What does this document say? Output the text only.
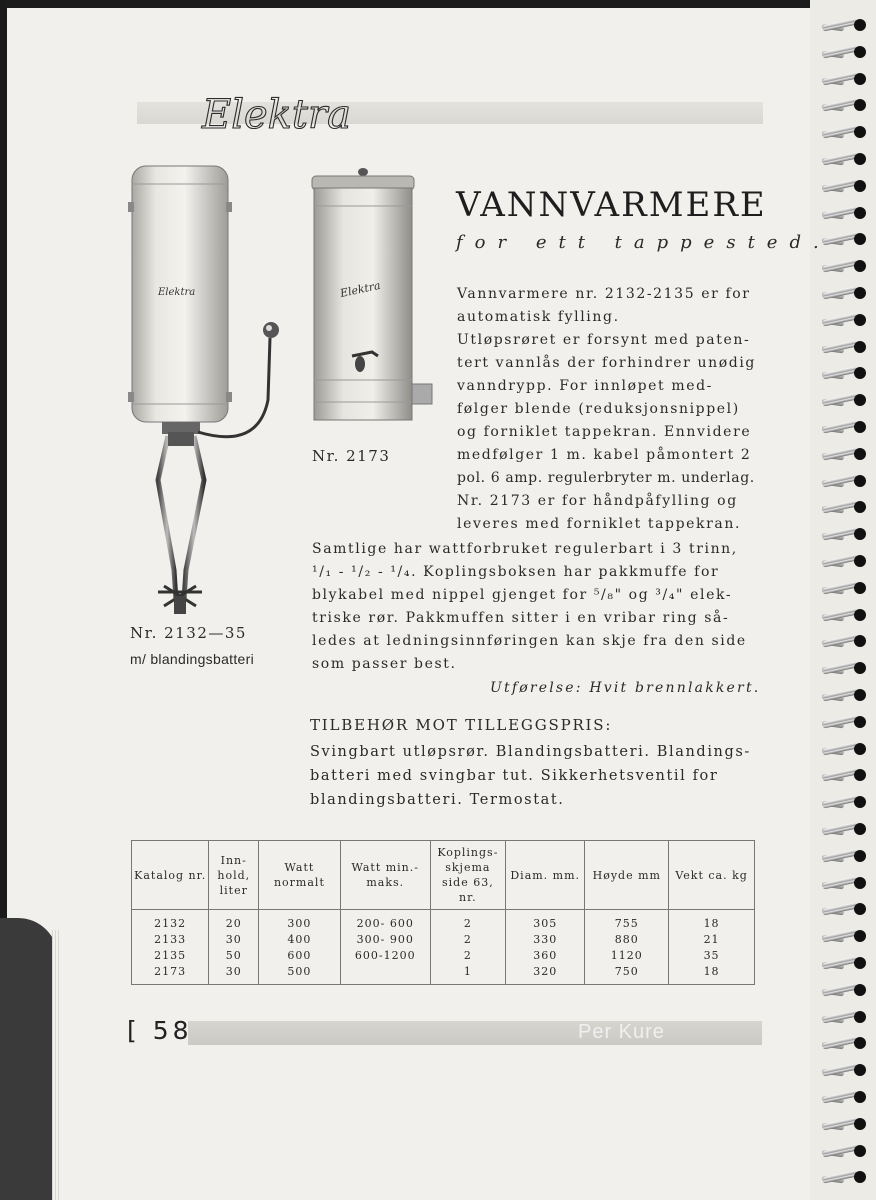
Elektra
Elektra	Elektra
Nr. 2173
Nr. 2132—35
m/ blandingsbatteri
VANNVARMERE
for ett tappested.
Vannvarmere nr. 2132-2135 er for
automatisk fylling.
Utløpsrøret er forsynt med paten-
tert vannlås der forhindrer unødig
vanndrypp. For innløpet med-
følger blende (reduksjonsnippel)
og forniklet tappekran. Ennvidere
medfølger 1 m. kabel påmontert 2
pol. 6 amp. regulerbryter m. underlag.
Nr. 2173 er for håndpåfylling og
leveres med forniklet tappekran.
Samtlige har wattforbruket regulerbart i 3 trinn,
¹/₁ - ¹/₂ - ¹/₄. Koplingsboksen har pakkmuffe for
blykabel med nippel gjenget for ⁵/₈" og ³/₄" elek-
triske rør. Pakkmuffen sitter i en vribar ring så-
ledes at ledningsinnføringen kan skje fra den side
som passer best.
Utførelse: Hvit brennlakkert.
TILBEHØR MOT TILLEGGSPRIS:
Svingbart utløpsrør. Blandingsbatteri. Blandings-
batteri med svingbar tut. Sikkerhetsventil for
blandingsbatteri. Termostat.
Katalog nr.	Inn-hold, liter	Watt normalt	Watt min.-maks.	Koplings-skjema side 63, nr.	Diam. mm.	Høyde mm	Vekt ca. kg
2132	20	300	200- 600	2	305	755	18
2133	30	400	300- 900	2	330	880	21
2135	50	600	600-1200	2	360	1120	35
2173	30	500		1	320	750	18
[ 58	Per Kure
